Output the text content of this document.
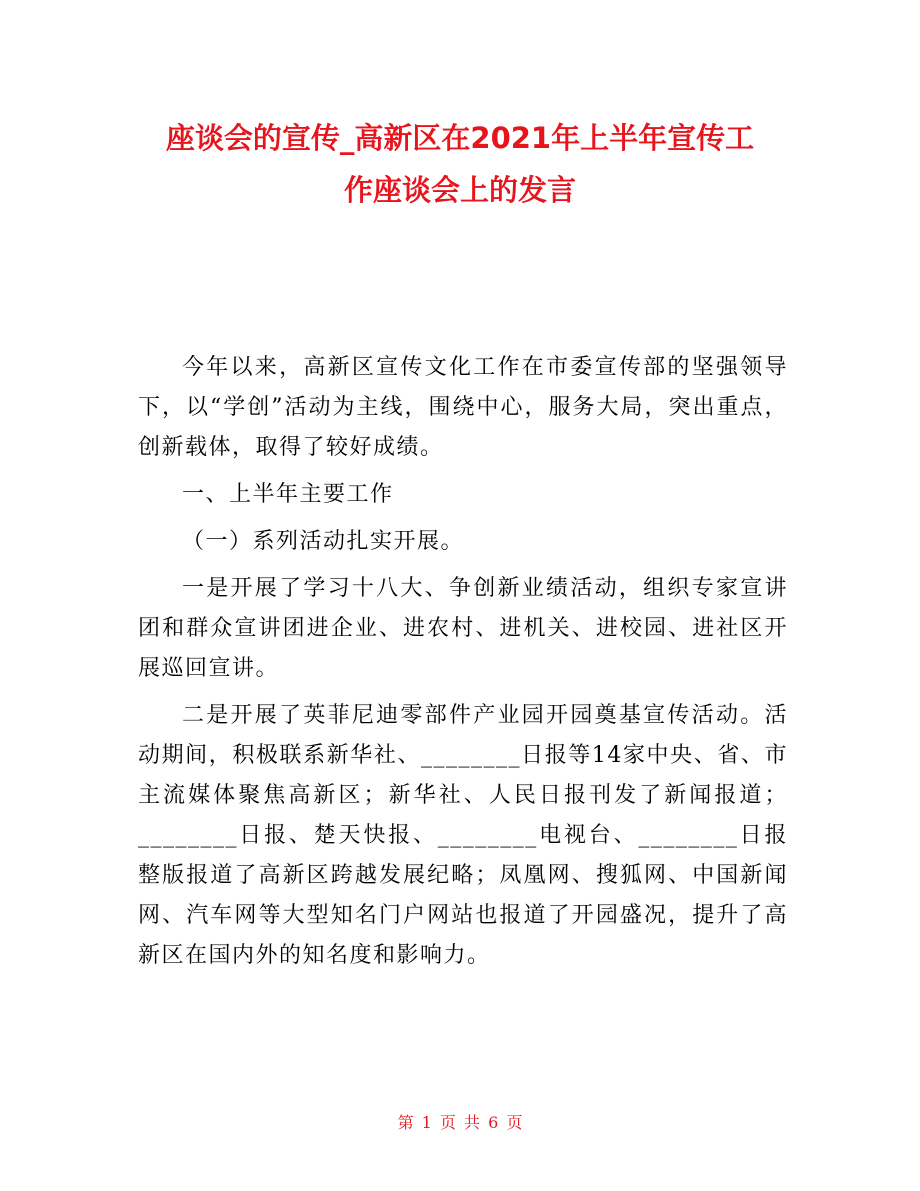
座谈会的宣传_高新区在2021年上半年宣传工
作座谈会上的发言

今年以来，高新区宣传文化工作在市委宣传部的坚强领导下，以“学创”活动为主线，围绕中心，服务大局，突出重点，创新载体，取得了较好成绩。

一、上半年主要工作

（一）系列活动扎实开展。

一是开展了学习十八大、争创新业绩活动，组织专家宣讲团和群众宣讲团进企业、进农村、进机关、进校园、进社区开展巡回宣讲。

二是开展了英菲尼迪零部件产业园开园奠基宣传活动。活动期间，积极联系新华社、________日报等14家中央、省、市主流媒体聚焦高新区；新华社、人民日报刊发了新闻报道；________日报、楚天快报、________电视台、________日报整版报道了高新区跨越发展纪略；凤凰网、搜狐网、中国新闻网、汽车网等大型知名门户网站也报道了开园盛况，提升了高新区在国内外的知名度和影响力。

第 1 页 共 6 页
